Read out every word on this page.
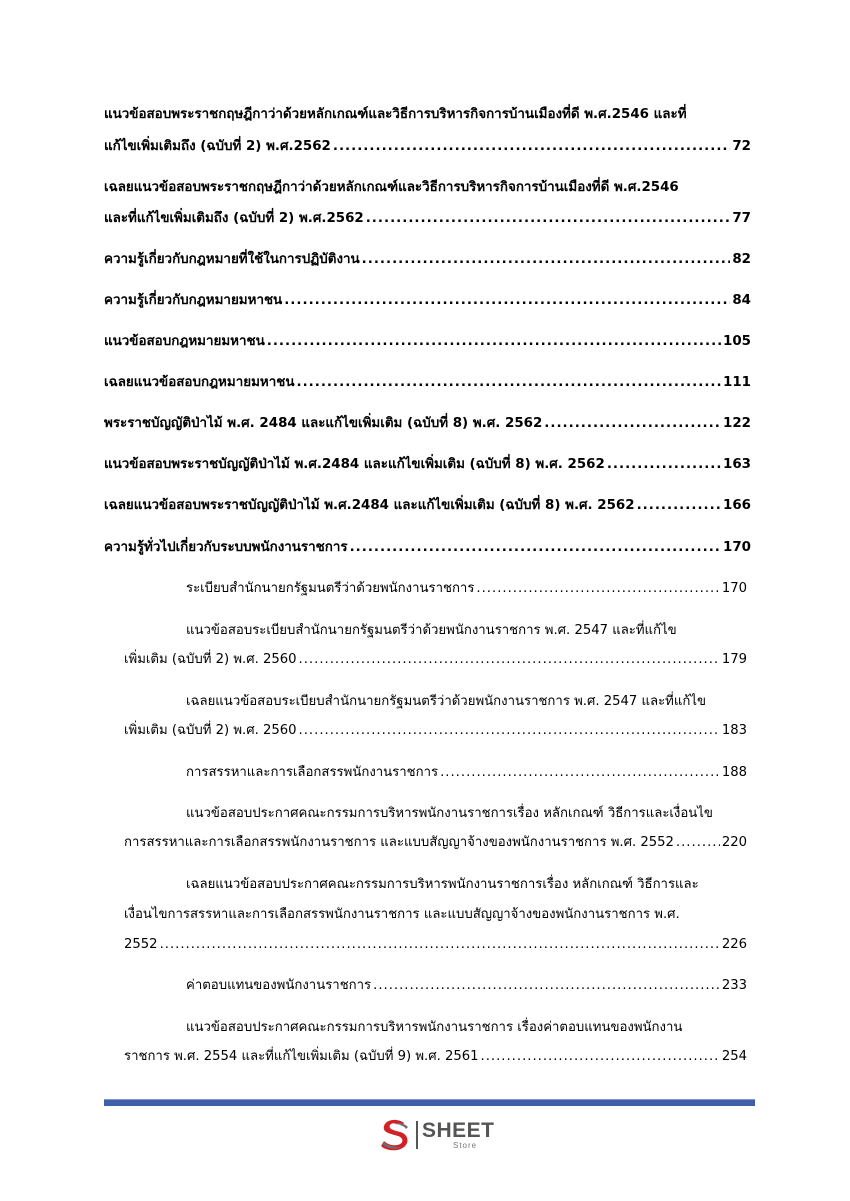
แนวข้อสอบพระราชกฤษฎีกาว่าด้วยหลักเกณฑ์และวิธีการบริหารกิจการบ้านเมืองที่ดี พ.ศ.2546 และที่
แก้ไขเพิ่มเติมถึง (ฉบับที่ 2) พ.ศ.2562 .....	72
เฉลยแนวข้อสอบพระราชกฤษฎีกาว่าด้วยหลักเกณฑ์และวิธีการบริหารกิจการบ้านเมืองที่ดี พ.ศ.2546
และที่แก้ไขเพิ่มเติมถึง (ฉบับที่ 2) พ.ศ.2562 .....	77
ความรู้เกี่ยวกับกฎหมายที่ใช้ในการปฏิบัติงาน .....	82
ความรู้เกี่ยวกับกฎหมายมหาชน .....	84
แนวข้อสอบกฎหมายมหาชน .....	105
เฉลยแนวข้อสอบกฎหมายมหาชน .....	111
พระราชบัญญัติป่าไม้ พ.ศ. 2484 และแก้ไขเพิ่มเติม (ฉบับที่ 8) พ.ศ. 2562 .....	122
แนวข้อสอบพระราชบัญญัติป่าไม้ พ.ศ.2484 และแก้ไขเพิ่มเติม (ฉบับที่ 8) พ.ศ. 2562 .....	163
เฉลยแนวข้อสอบพระราชบัญญัติป่าไม้ พ.ศ.2484 และแก้ไขเพิ่มเติม (ฉบับที่ 8) พ.ศ. 2562 .....	166
ความรู้ทั่วไปเกี่ยวกับระบบพนักงานราชการ .....	170
ระเบียบสำนักนายกรัฐมนตรีว่าด้วยพนักงานราชการ .....	170
แนวข้อสอบระเบียบสำนักนายกรัฐมนตรีว่าด้วยพนักงานราชการ พ.ศ. 2547 และที่แก้ไข
เพิ่มเติม (ฉบับที่ 2) พ.ศ. 2560 .....	179
เฉลยแนวข้อสอบระเบียบสำนักนายกรัฐมนตรีว่าด้วยพนักงานราชการ พ.ศ. 2547 และที่แก้ไข
เพิ่มเติม (ฉบับที่ 2) พ.ศ. 2560 .....	183
การสรรหาและการเลือกสรรพนักงานราชการ .....	188
แนวข้อสอบประกาศคณะกรรมการบริหารพนักงานราชการเรื่อง หลักเกณฑ์ วิธีการและเงื่อนไข
การสรรหาและการเลือกสรรพนักงานราชการ และแบบสัญญาจ้างของพนักงานราชการ พ.ศ. 2552 .....	220
เฉลยแนวข้อสอบประกาศคณะกรรมการบริหารพนักงานราชการเรื่อง หลักเกณฑ์ วิธีการและ
เงื่อนไขการสรรหาและการเลือกสรรพนักงานราชการ และแบบสัญญาจ้างของพนักงานราชการ พ.ศ.
2552 .....	226
ค่าตอบแทนของพนักงานราชการ .....	233
แนวข้อสอบประกาศคณะกรรมการบริหารพนักงานราชการ เรื่องค่าตอบแทนของพนักงาน
ราชการ พ.ศ. 2554 และที่แก้ไขเพิ่มเติม (ฉบับที่ 9) พ.ศ. 2561 .....	254
SHEET
Store
